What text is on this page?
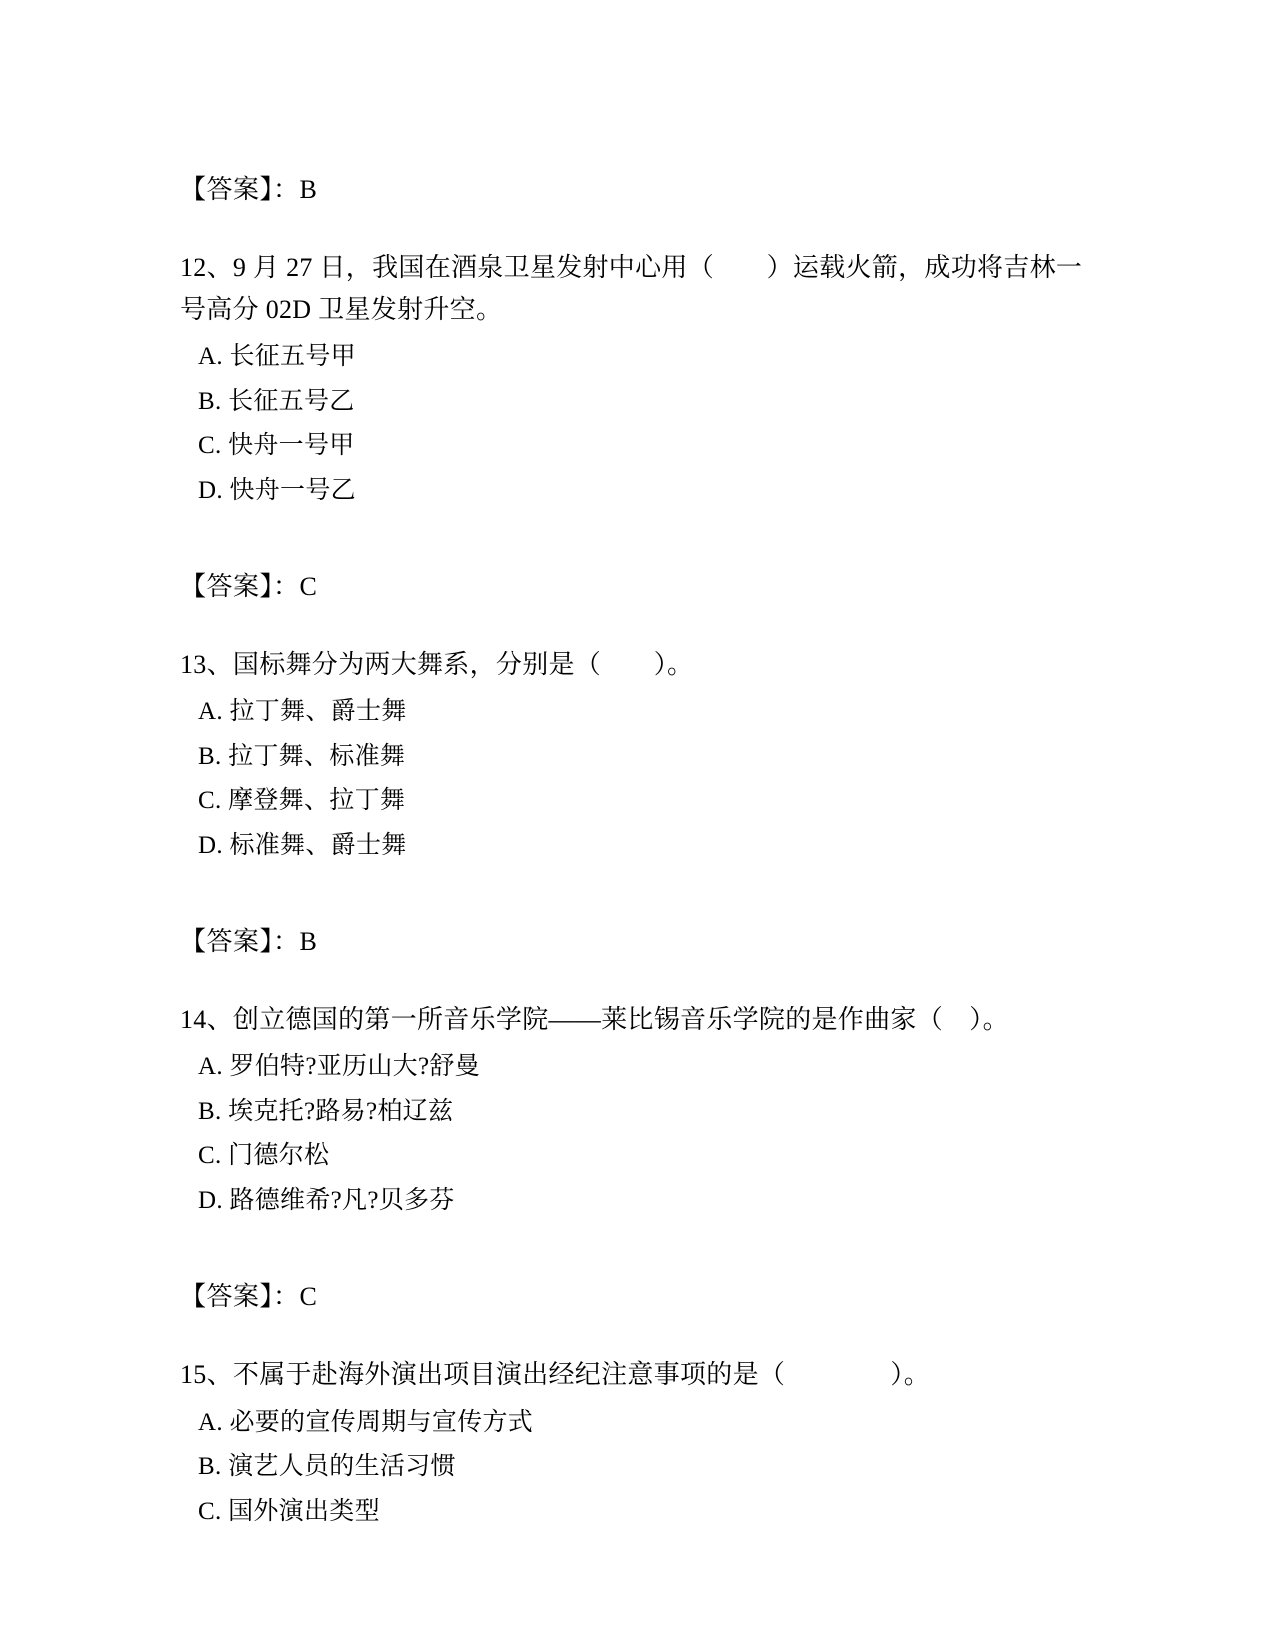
【答案】：B

12、9 月 27 日，我国在酒泉卫星发射中心用（　　）运载火箭，成功将吉林一号高分 02D 卫星发射升空。

A. 长征五号甲

B. 长征五号乙

C. 快舟一号甲

D. 快舟一号乙

【答案】：C

13、国标舞分为两大舞系，分别是（　　）。

A. 拉丁舞、爵士舞

B. 拉丁舞、标准舞

C. 摩登舞、拉丁舞

D. 标准舞、爵士舞

【答案】：B

14、创立德国的第一所音乐学院——莱比锡音乐学院的是作曲家（　）。

A. 罗伯特?亚历山大?舒曼

B. 埃克托?路易?柏辽兹

C. 门德尔松

D. 路德维希?凡?贝多芬

【答案】：C

15、不属于赴海外演出项目演出经纪注意事项的是（　　　　）。

A. 必要的宣传周期与宣传方式

B. 演艺人员的生活习惯

C. 国外演出类型
